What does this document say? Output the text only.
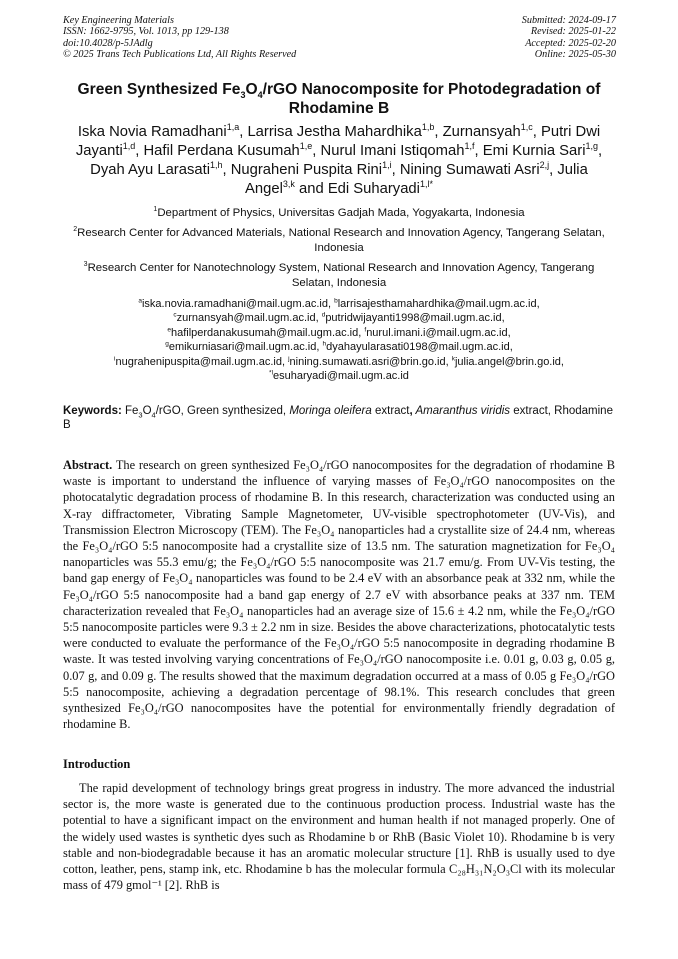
Key Engineering Materials
ISSN: 1662-9795, Vol. 1013, pp 129-138
doi:10.4028/p-5JAdlg
© 2025 Trans Tech Publications Ltd, All Rights Reserved
Submitted: 2024-09-17
Revised: 2025-01-22
Accepted: 2025-02-20
Online: 2025-05-30
Green Synthesized $Fe_3O_4$/rGO Nanocomposite for Photodegradation of Rhodamine B
Iska Novia Ramadhani$^{1,a}$, Larrisa Jestha Mahardhika$^{1,b}$, Zurnansyah$^{1,c}$, Putri Dwi Jayanti$^{1,d}$, Hafil Perdana Kusumah$^{1,e}$, Nurul Imani Istiqomah$^{1,f}$, Emi Kurnia Sari$^{1,g}$, Dyah Ayu Larasati$^{1,h}$, Nugraheni Puspita Rini$^{1,i}$, Nining Sumawati Asri$^{2,j}$, Julia Angel$^{3,k}$ and Edi Suharyadi$^{1,l*}$
$^1$Department of Physics, Universitas Gadjah Mada, Yogyakarta, Indonesia
$^2$Research Center for Advanced Materials, National Research and Innovation Agency, Tangerang Selatan, Indonesia
$^3$Research Center for Nanotechnology System, National Research and Innovation Agency, Tangerang Selatan, Indonesia
$^a$iska.novia.ramadhani@mail.ugm.ac.id, $^b$larrisajesthamahardhika@mail.ugm.ac.id,
$^c$zurnansyah@mail.ugm.ac.id, $^d$putridwijayanti1998@mail.ugm.ac.id,
$^e$hafilperdanakusumah@mail.ugm.ac.id, $^f$nurul.imani.i@mail.ugm.ac.id,
$^g$emikurniasari@mail.ugm.ac.id, $^h$dyahayularasati0198@mail.ugm.ac.id,
$^i$nugrahenipuspita@mail.ugm.ac.id, $^j$nining.sumawati.asri@brin.go.id, $^k$julia.angel@brin.go.id,
$^{*l}$esuharyadi@mail.ugm.ac.id
Keywords: $Fe_3O_4$/rGO, Green synthesized, Moringa oleifera extract, Amaranthus viridis extract, Rhodamine B

Abstract. The research on green synthesized Fe₃O₄/rGO nanocomposites for the degradation of rhodamine B waste is important to understand the influence of varying masses of Fe₃O₄/rGO nanocomposites on the photocatalytic degradation process of rhodamine B. In this research, characterization was conducted using an X-ray diffractometer, Vibrating Sample Magnetometer, UV-visible spectrophotometer (UV-Vis), and Transmission Electron Microscopy (TEM). The Fe₃O₄ nanoparticles had a crystallite size of 24.4 nm, whereas the Fe₃O₄/rGO 5:5 nanocomposite had a crystallite size of 13.5 nm. The saturation magnetization for Fe₃O₄ nanoparticles was 55.3 emu/g; the Fe₃O₄/rGO 5:5 nanocomposite was 21.7 emu/g. From UV-Vis testing, the band gap energy of Fe₃O₄ nanoparticles was found to be 2.4 eV with an absorbance peak at 332 nm, while the Fe₃O₄/rGO 5:5 nanocomposite had a band gap energy of 2.7 eV with absorbance peaks at 337 nm. TEM characterization revealed that Fe₃O₄ nanoparticles had an average size of 15.6 ± 4.2 nm, while the Fe₃O₄/rGO 5:5 nanocomposite particles were 9.3 ± 2.2 nm in size. Besides the above characterizations, photocatalytic tests were conducted to evaluate the performance of the Fe₃O₄/rGO 5:5 nanocomposite in degrading rhodamine B waste. It was tested involving varying concentrations of Fe₃O₄/rGO nanocomposite i.e. 0.01 g, 0.03 g, 0.05 g, 0.07 g, and 0.09 g. The results showed that the maximum degradation occurred at a mass of 0.05 g Fe₃O₄/rGO 5:5 nanocomposite, achieving a degradation percentage of 98.1%. This research concludes that green synthesized Fe₃O₄/rGO nanocomposites have the potential for environmentally friendly degradation of rhodamine B.

Introduction

The rapid development of technology brings great progress in industry. The more advanced the industrial sector is, the more waste is generated due to the continuous production process. Industrial waste has the potential to have a significant impact on the environment and human health if not managed properly. One of the widely used wastes is synthetic dyes such as Rhodamine b or RhB (Basic Violet 10). Rhodamine b is very stable and non-biodegradable because it has an aromatic molecular structure [1]. RhB is usually used to dye cotton, leather, pens, stamp ink, etc. Rhodamine b has the molecular formula C₂₈H₃₁N₂O₃Cl with its molecular mass of 479 gmol⁻¹ [2]. RhB is
